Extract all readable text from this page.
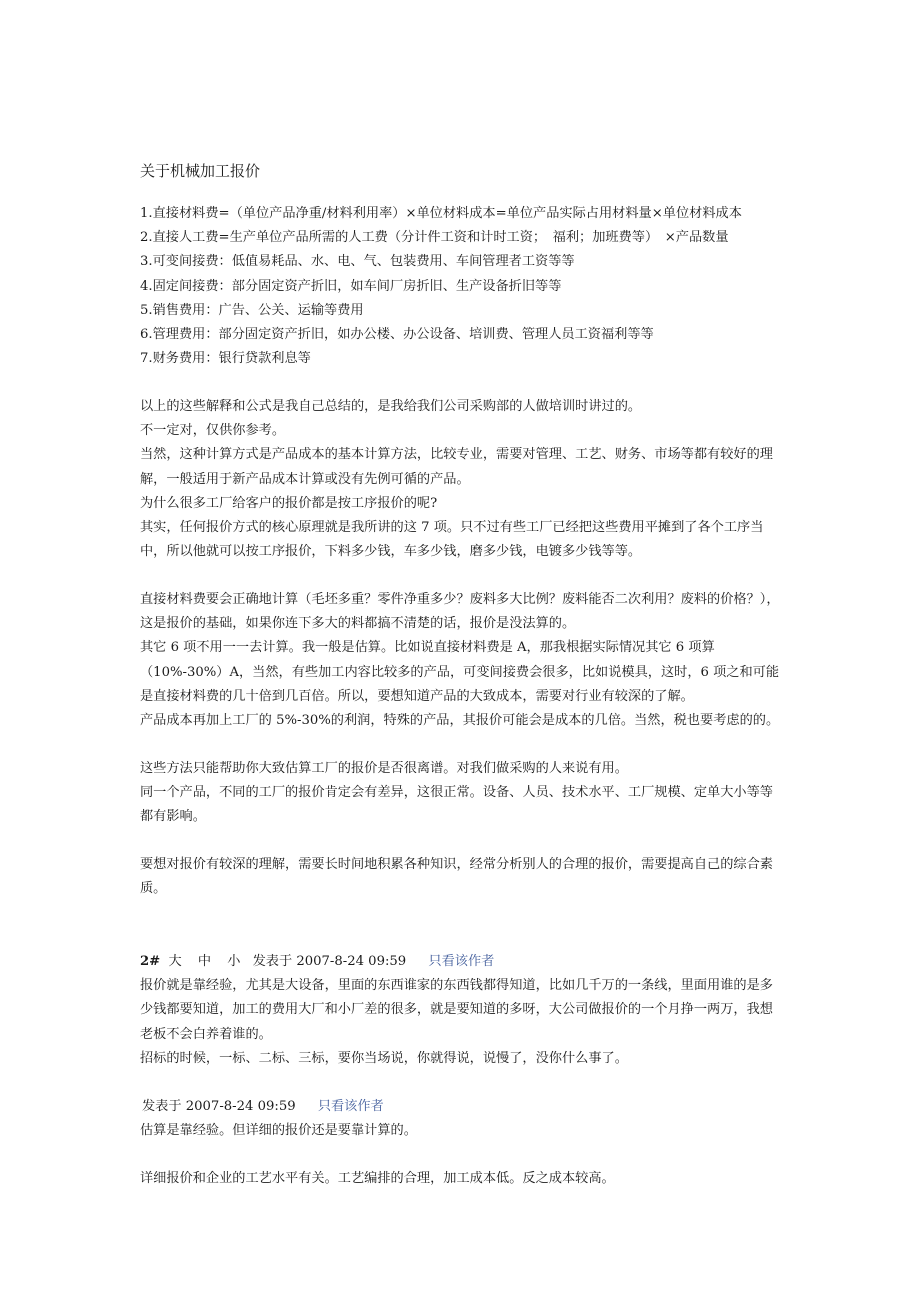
关于机械加工报价
1.直接材料费=（单位产品净重/材料利用率）×单位材料成本=单位产品实际占用材料量×单位材料成本
2.直接人工费=生产单位产品所需的人工费（分计件工资和计时工资；　福利；加班费等）　×产品数量
3.可变间接费：低值易耗品、水、电、气、包装费用、车间管理者工资等等
4.固定间接费：部分固定资产折旧，如车间厂房折旧、生产设备折旧等等
5.销售费用：广告、公关、运输等费用
6.管理费用：部分固定资产折旧，如办公楼、办公设备、培训费、管理人员工资福利等等
7.财务费用：银行贷款利息等
以上的这些解释和公式是我自己总结的，是我给我们公司采购部的人做培训时讲过的。
不一定对，仅供你参考。
当然，这种计算方式是产品成本的基本计算方法，比较专业，需要对管理、工艺、财务、市场等都有较好的理解，一般适用于新产品成本计算或没有先例可循的产品。
为什么很多工厂给客户的报价都是按工序报价的呢?
其实，任何报价方式的核心原理就是我所讲的这 7 项。只不过有些工厂已经把这些费用平摊到了各个工序当中，所以他就可以按工序报价，下料多少钱，车多少钱，磨多少钱，电镀多少钱等等。
直接材料费要会正确地计算（毛坯多重？零件净重多少？废料多大比例？废料能否二次利用？废料的价格？），这是报价的基础，如果你连下多大的料都搞不清楚的话，报价是没法算的。
其它 6 项不用一一去计算。我一般是估算。比如说直接材料费是 A，那我根据实际情况其它 6 项算（10%-30%）A，当然，有些加工内容比较多的产品，可变间接费会很多，比如说模具，这时，6 项之和可能是直接材料费的几十倍到几百倍。所以，要想知道产品的大致成本，需要对行业有较深的了解。
产品成本再加上工厂的 5%-30%的利润，特殊的产品，其报价可能会是成本的几倍。当然，税也要考虑的的。
这些方法只能帮助你大致估算工厂的报价是否很离谱。对我们做采购的人来说有用。
同一个产品，不同的工厂的报价肯定会有差异，这很正常。设备、人员、技术水平、工厂规模、定单大小等等都有影响。
要想对报价有较深的理解，需要长时间地积累各种知识，经常分析别人的合理的报价，需要提高自己的综合素质。
2# 大 中 小 发表于 2007-8-24 09:59 只看该作者
报价就是靠经验，尤其是大设备，里面的东西谁家的东西钱都得知道，比如几千万的一条线，里面用谁的是多少钱都要知道，加工的费用大厂和小厂差的很多，就是要知道的多呀，大公司做报价的一个月挣一两万，我想老板不会白养着谁的。
招标的时候，一标、二标、三标，要你当场说，你就得说，说慢了，没你什么事了。
发表于 2007-8-24 09:59 只看该作者
估算是靠经验。但详细的报价还是要靠计算的。
详细报价和企业的工艺水平有关。工艺编排的合理，加工成本低。反之成本较高。
